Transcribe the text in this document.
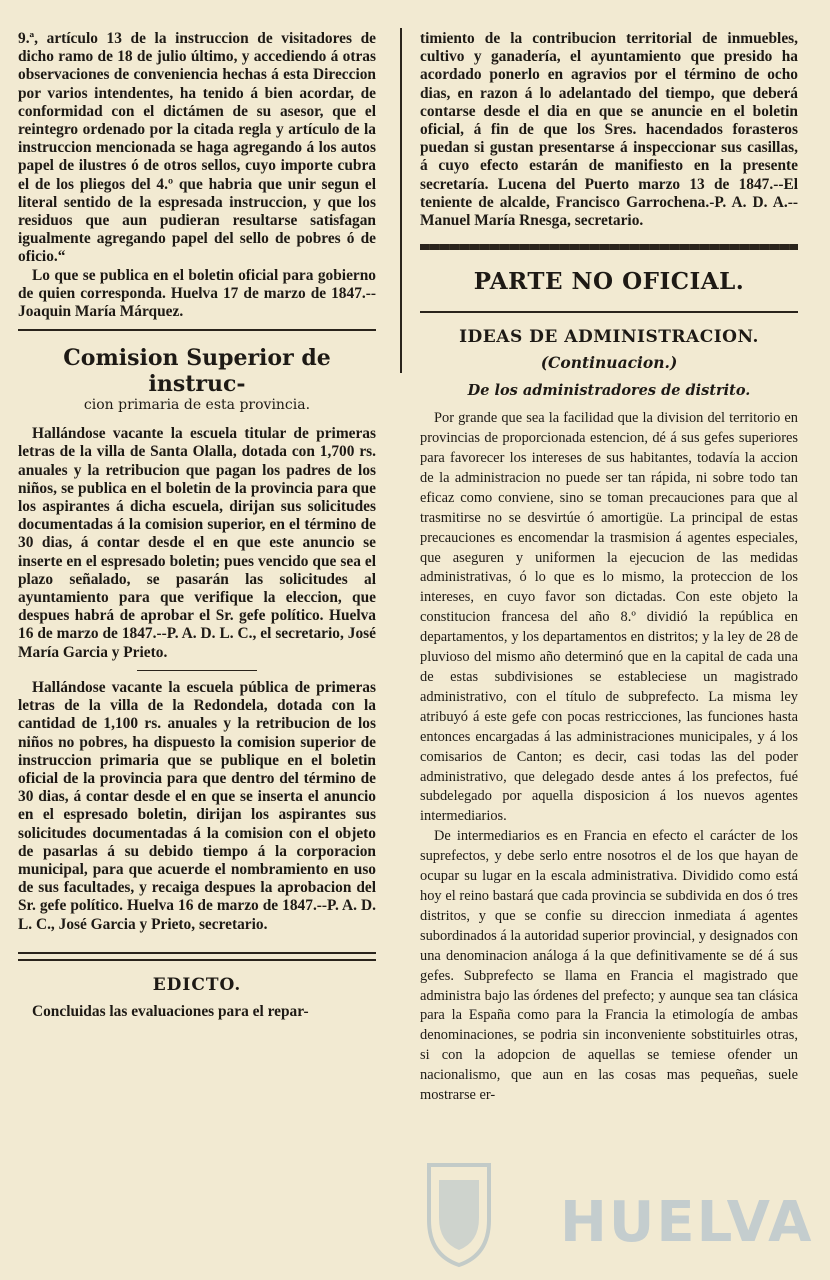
9.ª, artículo 13 de la instruccion de visitadores de dicho ramo de 18 de julio último, y accediendo á otras observaciones de conveniencia hechas á esta Direccion por varios intendentes, ha tenido á bien acordar, de conformidad con el dictámen de su asesor, que el reintegro ordenado por la citada regla y artículo de la instruccion mencionada se haga agregando á los autos papel de ilustres ó de otros sellos, cuyo importe cubra el de los pliegos del 4.º que habria que unir segun el literal sentido de la espresada instruccion, y que los residuos que aun pudieran resultarse satisfagan igualmente agregando papel del sello de pobres ó de oficio.“

Lo que se publica en el boletin oficial para gobierno de quien corresponda. Huelva 17 de marzo de 1847.--Joaquin María Márquez.

Comision Superior de instruc-

cion primaria de esta provincia.

Hallándose vacante la escuela titular de primeras letras de la villa de Santa Olalla, dotada con 1,700 rs. anuales y la retribucion que pagan los padres de los niños, se publica en el boletin de la provincia para que los aspirantes á dicha escuela, dirijan sus solicitudes documentadas á la comision superior, en el término de 30 dias, á contar desde el en que este anuncio se inserte en el espresado boletin; pues vencido que sea el plazo señalado, se pasarán las solicitudes al ayuntamiento para que verifique la eleccion, que despues habrá de aprobar el Sr. gefe político. Huelva 16 de marzo de 1847.--P. A. D. L. C., el secretario, José María Garcia y Prieto.

Hallándose vacante la escuela pública de primeras letras de la villa de la Redondela, dotada con la cantidad de 1,100 rs. anuales y la retribucion de los niños no pobres, ha dispuesto la comision superior de instruccion primaria que se publique en el boletin oficial de la provincia para que dentro del término de 30 dias, á contar desde el en que se inserta el anuncio en el espresado boletin, dirijan los aspirantes sus solicitudes documentadas á la comision con el objeto de pasarlas á su debido tiempo á la corporacion municipal, para que acuerde el nombramiento en uso de sus facultades, y recaiga despues la aprobacion del Sr. gefe político. Huelva 16 de marzo de 1847.--P. A. D. L. C., José Garcia y Prieto, secretario.

EDICTO.

Concluidas las evaluaciones para el repar-

timiento de la contribucion territorial de inmuebles, cultivo y ganadería, el ayuntamiento que presido ha acordado ponerlo en agravios por el término de ocho dias, en razon á lo adelantado del tiempo, que deberá contarse desde el dia en que se anuncie en el boletin oficial, á fin de que los Sres. hacendados forasteros puedan si gustan presentarse á inspeccionar sus casillas, á cuyo efecto estarán de manifiesto en la presente secretaría. Lucena del Puerto marzo 13 de 1847.--El teniente de alcalde, Francisco Garrochena.-P. A. D. A.--Manuel María Rnesga, secretario.

PARTE NO OFICIAL.

IDEAS DE ADMINISTRACION.

(Continuacion.)

De los administradores de distrito.

Por grande que sea la facilidad que la division del territorio en provincias de proporcionada estencion, dé á sus gefes superiores para favorecer los intereses de sus habitantes, todavía la accion de la administracion no puede ser tan rápida, ni sobre todo tan eficaz como conviene, sino se toman precauciones para que al trasmitirse no se desvirtúe ó amortigüe. La principal de estas precauciones es encomendar la trasmision á agentes especiales, que aseguren y uniformen la ejecucion de las medidas administrativas, ó lo que es lo mismo, la proteccion de los intereses, en cuyo favor son dictadas. Con este objeto la constitucion francesa del año 8.º dividió la república en departamentos, y los departamentos en distritos; y la ley de 28 de pluvioso del mismo año determinó que en la capital de cada una de estas subdivisiones se estableciese un magistrado administrativo, con el título de subprefecto. La misma ley atribuyó á este gefe con pocas restricciones, las funciones hasta entonces encargadas á las administraciones municipales, y á los comisarios de Canton; es decir, casi todas las del poder administrativo, que delegado desde antes á los prefectos, fué subdelegado por aquella disposicion á los nuevos agentes intermediarios.

De intermediarios es en Francia en efecto el carácter de los suprefectos, y debe serlo entre nosotros el de los que hayan de ocupar su lugar en la escala administrativa. Dividido como está hoy el reino bastará que cada provincia se subdivida en dos ó tres distritos, y que se confie su direccion inmediata á agentes subordinados á la autoridad superior provincial, y designados con una denominacion análoga á la que definitivamente se dé á sus gefes. Subprefecto se llama en Francia el magistrado que administra bajo las órdenes del prefecto; y aunque sea tan clásica para la España como para la Francia la etimología de ambas denominaciones, se podria sin inconveniente sobstituirles otras, si con la adopcion de aquellas se temiese ofender un nacionalismo, que aun en las cosas mas pequeñas, suele mostrarse er-

HUELVA
